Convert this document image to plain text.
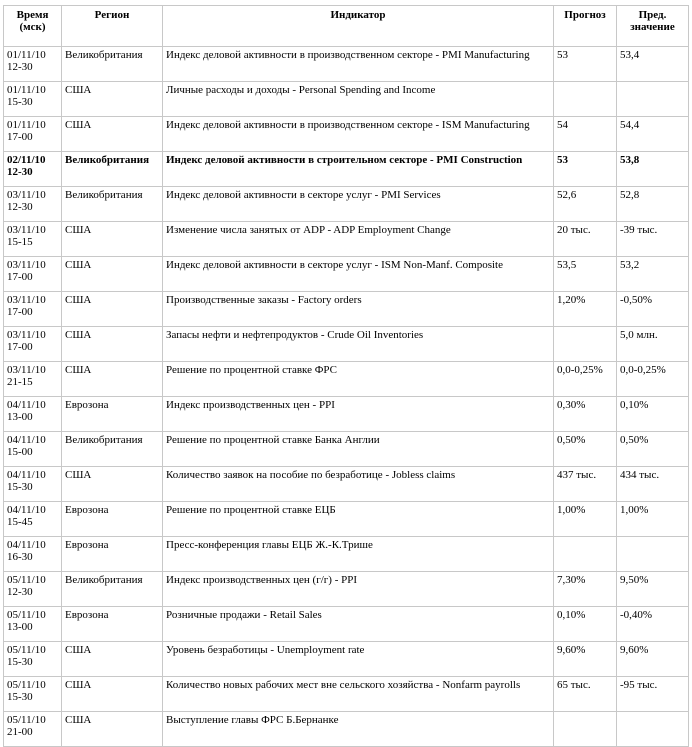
Время (мск)	Регион	Индикатор	Прогноз	Пред. значение
01/11/10
12-30	Великобритания	Индекс деловой активности в производственном секторе - PMI Manufacturing	53	53,4
01/11/10
15-30	США	Личные расходы и доходы - Personal Spending and Income		
01/11/10
17-00	США	Индекс деловой активности в производственном секторе - ISM Manufacturing	54	54,4
02/11/10
12-30	Великобритания	Индекс деловой активности в строительном секторе - PMI Construction	53	53,8
03/11/10
12-30	Великобритания	Индекс деловой активности в секторе услуг - PMI Services	52,6	52,8
03/11/10
15-15	США	Изменение числа занятых от ADP - ADP Employment Change	20 тыс.	-39 тыс.
03/11/10
17-00	США	Индекс деловой активности в секторе услуг - ISM Non-Manf. Composite	53,5	53,2
03/11/10
17-00	США	Производственные заказы - Factory orders	1,20%	-0,50%
03/11/10
17-00	США	Запасы нефти и нефтепродуктов - Crude Oil Inventories		5,0 млн.
03/11/10
21-15	США	Решение по процентной ставке ФРС	0,0-0,25%	0,0-0,25%
04/11/10
13-00	Еврозона	Индекс производственных цен - PPI	0,30%	0,10%
04/11/10
15-00	Великобритания	Решение по процентной ставке Банка Англии	0,50%	0,50%
04/11/10
15-30	США	Количество заявок на пособие по безработице - Jobless claims	437 тыс.	434 тыс.
04/11/10
15-45	Еврозона	Решение по процентной ставке ЕЦБ	1,00%	1,00%
04/11/10
16-30	Еврозона	Пресс-конференция главы ЕЦБ Ж.-К.Трише		
05/11/10
12-30	Великобритания	Индекс производственных цен (г/г) - PPI	7,30%	9,50%
05/11/10
13-00	Еврозона	Розничные продажи - Retail Sales	0,10%	-0,40%
05/11/10
15-30	США	Уровень безработицы - Unemployment rate	9,60%	9,60%
05/11/10
15-30	США	Количество новых рабочих мест вне сельского хозяйства - Nonfarm payrolls	65 тыс.	-95 тыс.
05/11/10
21-00	США	Выступление главы ФРС Б.Бернанке		
